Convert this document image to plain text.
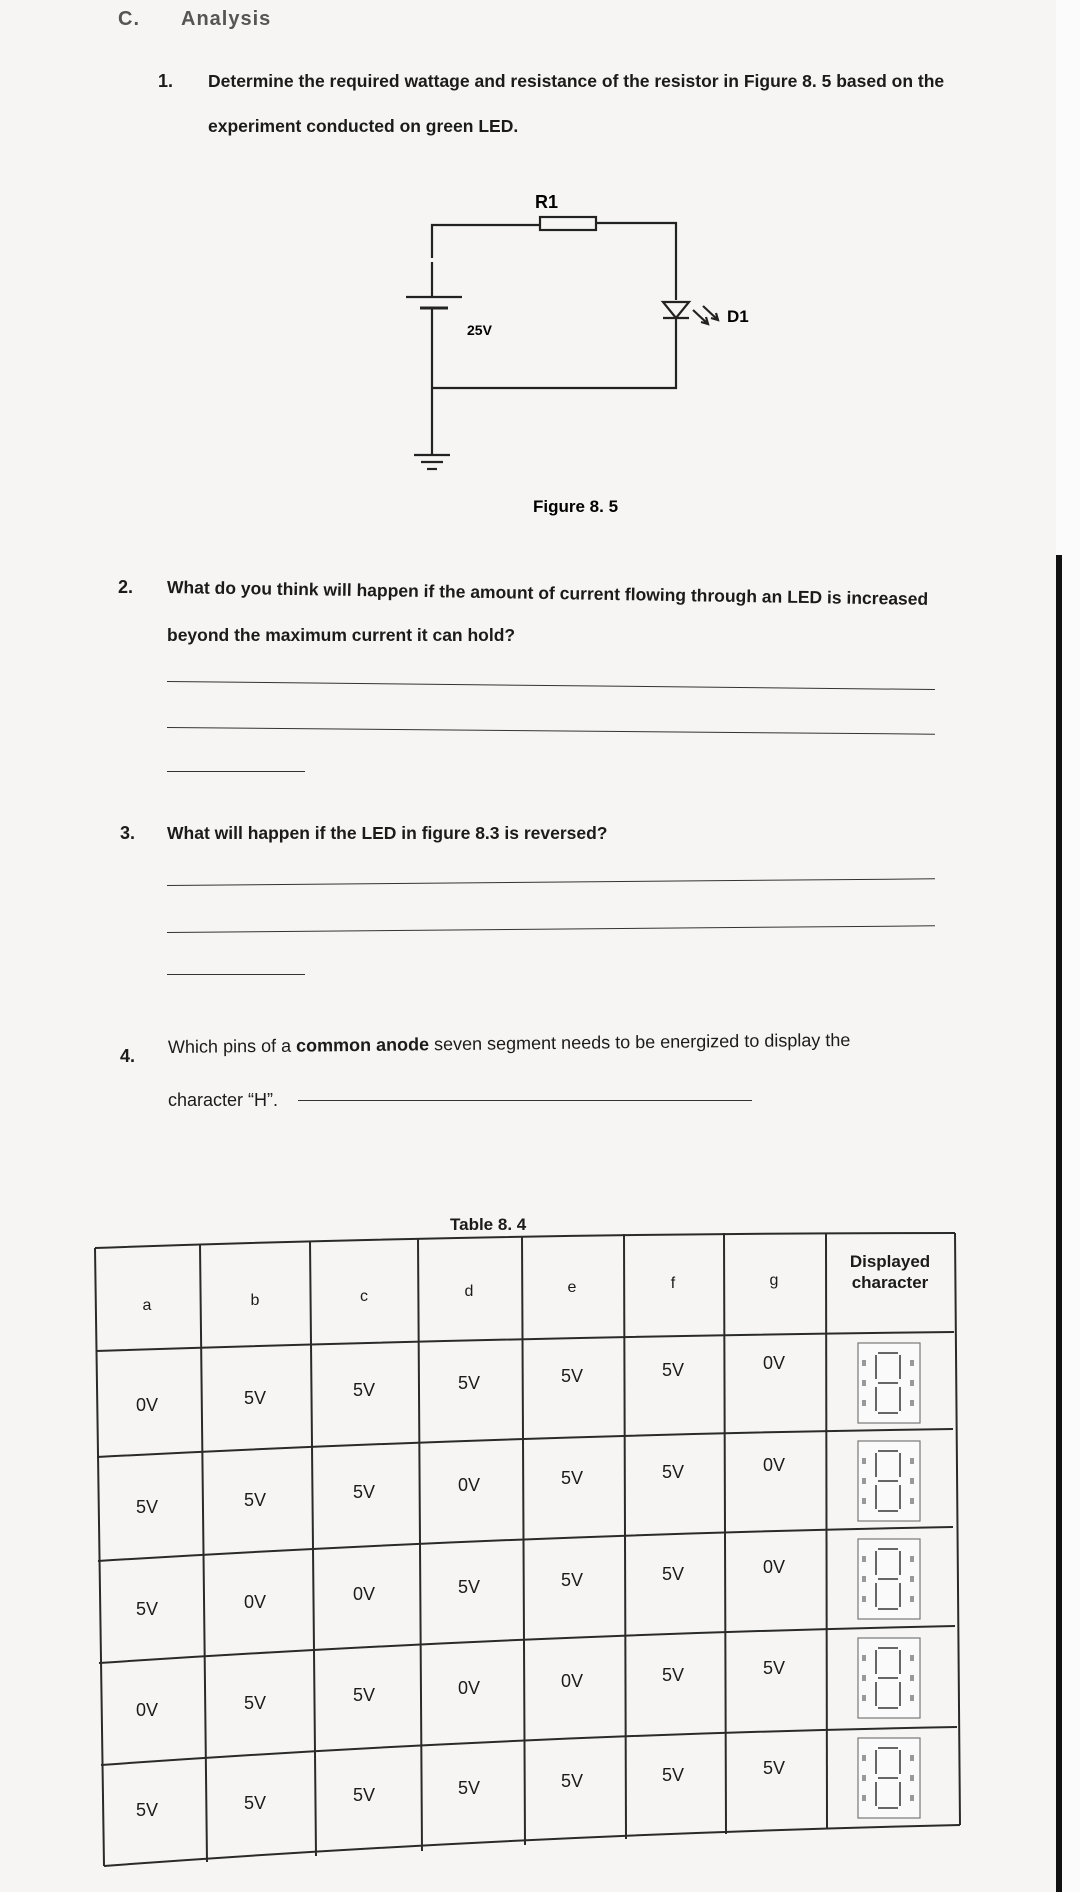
C. Analysis
1. Determine the required wattage and resistance of the resistor in Figure 8. 5 based on the
experiment conducted on green LED.
R1
25V
D1
Figure 8. 5
2. What do you think will happen if the amount of current flowing through an LED is increased
beyond the maximum current it can hold?
3. What will happen if the LED in figure 8.3 is reversed?
4. Which pins of a common anode seven segment needs to be energized to display the
character “H”.
Table 8. 4
Displayed
character
a	b	c	d	e	f	g
0V	5V	5V	5V	5V	5V	0V
5V	5V	5V	0V	5V	5V	0V
5V	0V	0V	5V	5V	5V	0V
0V	5V	5V	0V	0V	5V	5V
5V	5V	5V	5V	5V	5V	5V
